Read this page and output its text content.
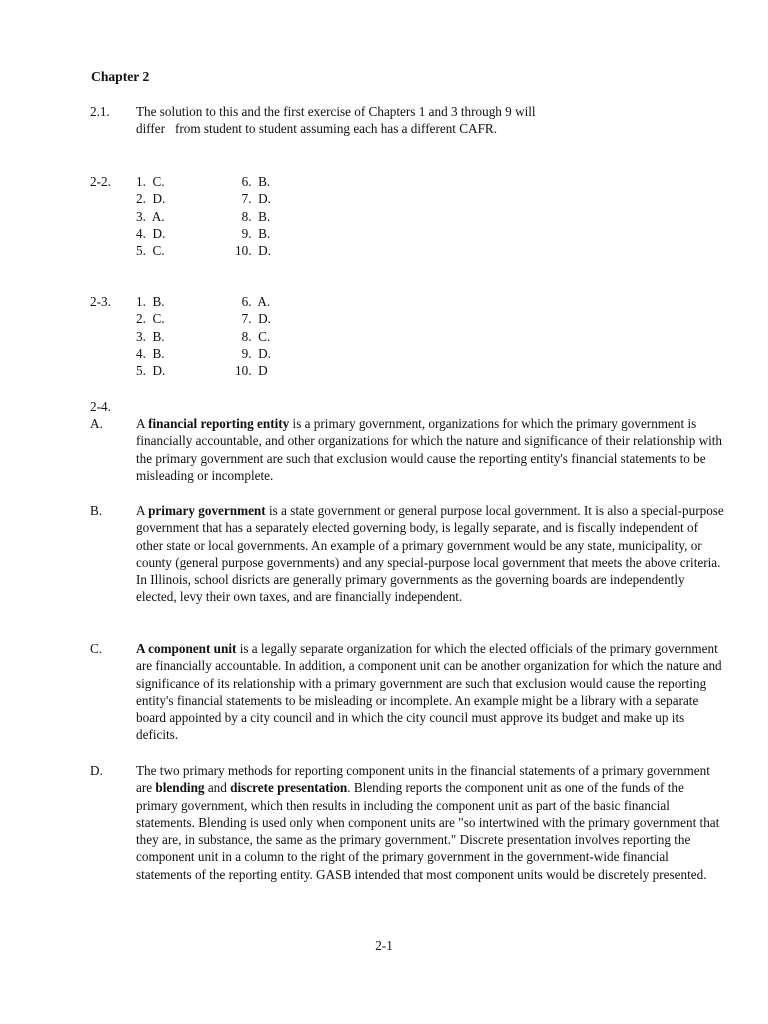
Chapter 2
2.1. The solution to this and the first exercise of Chapters 1 and 3 through 9 will
differ   from student to student assuming each has a different CAFR.
2-2. 1.  C.	6.  B.
2.  D.	7.  D.
3.  A.	8.  B.
4.  D.	9.  B.
5.  C.	10.  D.
2-3. 1.  B.	6.  A.
2.  C.	7.  D.
3.  B.	8.  C.
4.  B.	9.  D.
5.  D.	10.  D
2-4.
A.	A financial reporting entity is a primary government, organizations for which the primary government is financially accountable, and other organizations for which the nature and significance of their relationship with the primary government are such that exclusion would cause the reporting entity's financial statements to be misleading or incomplete.

B.	A primary government is a state government or general purpose local government. It is also a special-purpose government that has a separately elected governing body, is legally separate, and is fiscally independent of other state or local governments. An example of a primary government would be any state, municipality, or county (general purpose governments) and any special-purpose local government that meets the above criteria. In Illinois, school disricts are generally primary governments as the governing boards are independently elected, levy their own taxes, and are financially independent.

C.	A component unit is a legally separate organization for which the elected officials of the primary government are financially accountable. In addition, a component unit can be another organization for which the nature and significance of its relationship with a primary government are such that exclusion would cause the reporting entity's financial statements to be misleading or incomplete. An example might be a library with a separate board appointed by a city council and in which the city council must approve its budget and make up its deficits.

D.	The two primary methods for reporting component units in the financial statements of a primary government are blending and discrete presentation. Blending reports the component unit as one of the funds of the primary government, which then results in including the component unit as part of the basic financial statements. Blending is used only when component units are "so intertwined with the primary government that they are, in substance, the same as the primary government." Discrete presentation involves reporting the component unit in a column to the right of the primary government in the government-wide financial statements of the reporting entity. GASB intended that most component units would be discretely presented.

2-1
